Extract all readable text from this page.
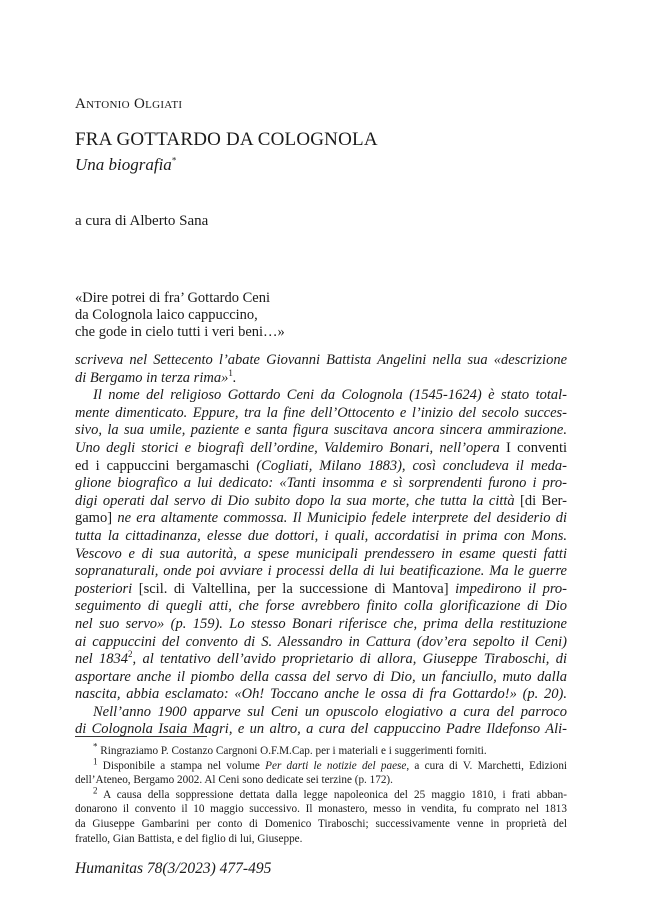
Antonio Olgiati
FRA GOTTARDO DA COLOGNOLA
Una biografia*
a cura di Alberto Sana
«Dire potrei di fra’ Gottardo Ceni
da Colognola laico cappuccino,
che gode in cielo tutti i veri beni…»
scriveva nel Settecento l’abate Giovanni Battista Angelini nella sua «descrizione
di Bergamo in terza rima»$^1$.
Il nome del religioso Gottardo Ceni da Colognola (1545-1624) è stato total-
mente dimenticato. Eppure, tra la fine dell’Ottocento e l’inizio del secolo succes-
sivo, la sua umile, paziente e santa figura suscitava ancora sincera ammirazione.
Uno degli storici e biografi dell’ordine, Valdemiro Bonari, nell’opera I conventi
ed i cappuccini bergamaschi (Cogliati, Milano 1883), così concludeva il meda-
glione biografico a lui dedicato: «Tanti insomma e sì sorprendenti furono i pro-
digi operati dal servo di Dio subito dopo la sua morte, che tutta la città [di Ber-
gamo] ne era altamente commossa. Il Municipio fedele interprete del desiderio di
tutta la cittadinanza, elesse due dottori, i quali, accordatisi in prima con Mons.
Vescovo e di sua autorità, a spese municipali prendessero in esame questi fatti
sopranaturali, onde poi avviare i processi della di lui beatificazione. Ma le guerre
posteriori [scil. di Valtellina, per la successione di Mantova] impedirono il pro-
seguimento di quegli atti, che forse avrebbero finito colla glorificazione di Dio
nel suo servo» (p. 159). Lo stesso Bonari riferisce che, prima della restituzione
ai cappuccini del convento di S. Alessandro in Cattura (dov’era sepolto il Ceni)
nel 1834$^2$, al tentativo dell’avido proprietario di allora, Giuseppe Tiraboschi, di
asportare anche il piombo della cassa del servo di Dio, un fanciullo, muto dalla
nascita, abbia esclamato: «Oh! Toccano anche le ossa di fra Gottardo!» (p. 20).
Nell’anno 1900 apparve sul Ceni un opuscolo elogiativo a cura del parroco
di Colognola Isaia Magri, e un altro, a cura del cappuccino Padre Ildefonso Ali-
* Ringraziamo P. Costanzo Cargnoni O.F.M.Cap. per i materiali e i suggerimenti forniti.
$^1$ Disponibile a stampa nel volume Per darti le notizie del paese, a cura di V. Marchetti, Edizioni
dell’Ateneo, Bergamo 2002. Al Ceni sono dedicate sei terzine (p. 172).
$^2$ A causa della soppressione dettata dalla legge napoleonica del 25 maggio 1810, i frati abban-
donarono il convento il 10 maggio successivo. Il monastero, messo in vendita, fu comprato nel 1813
da Giuseppe Gambarini per conto di Domenico Tiraboschi; successivamente venne in proprietà del
fratello, Gian Battista, e del figlio di lui, Giuseppe.
Humanitas 78(3/2023) 477-495
